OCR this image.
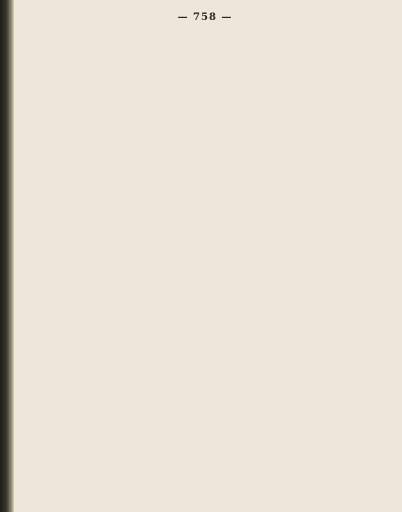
— 758 —
